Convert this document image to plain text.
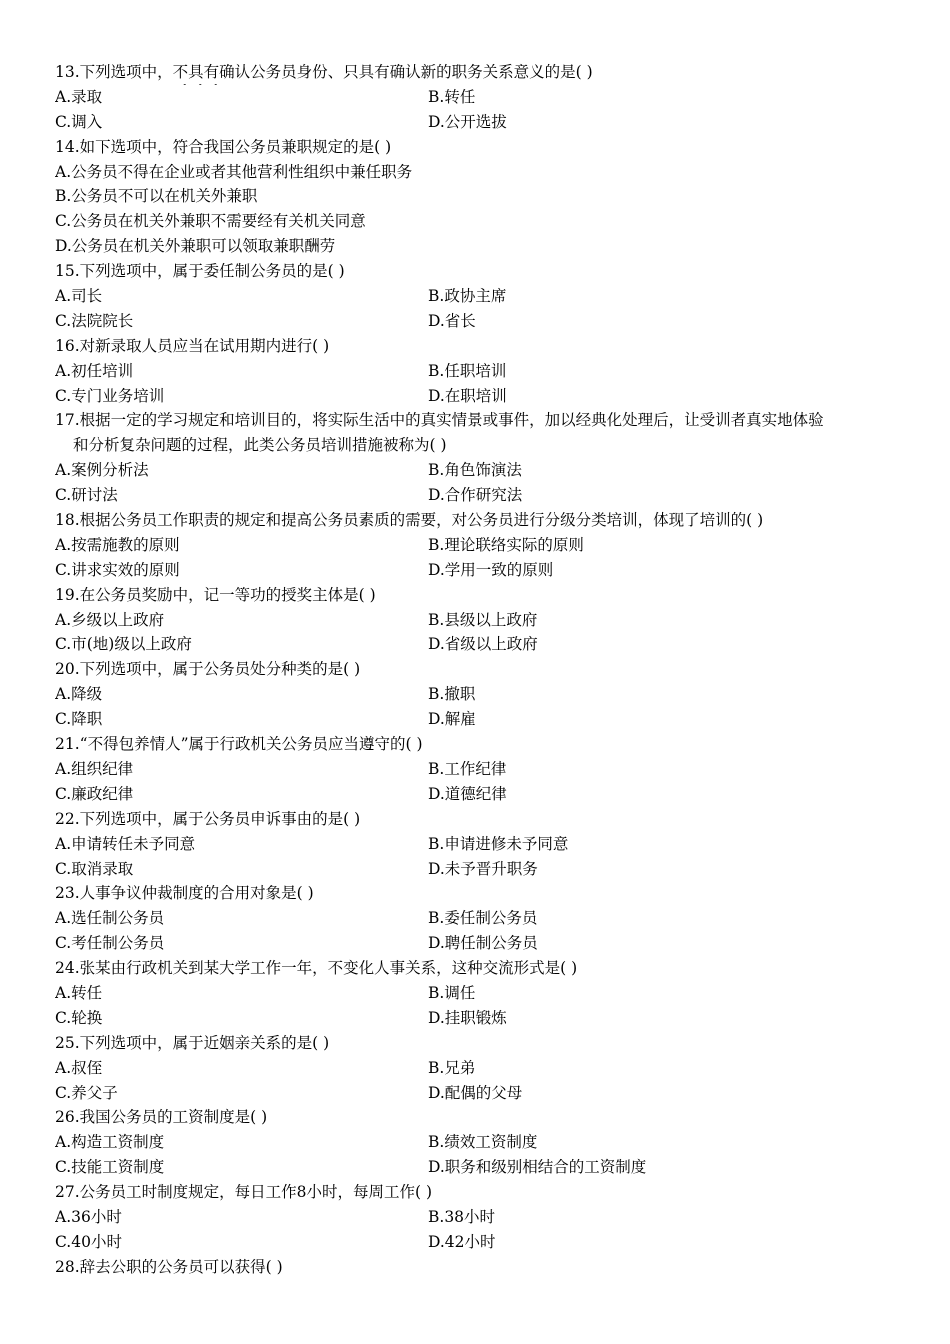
13.下列选项中，不具有确认公务员身份、只具有确认新的职务关系意义的是( )
A.录取	B.转任
C.调入	D.公开选拔
14.如下选项中，符合我国公务员兼职规定的是( )
A.公务员不得在企业或者其他营利性组织中兼任职务
B.公务员不可以在机关外兼职
C.公务员在机关外兼职不需要经有关机关同意
D.公务员在机关外兼职可以领取兼职酬劳
15.下列选项中，属于委任制公务员的是( )
A.司长	B.政协主席
C.法院院长	D.省长
16.对新录取人员应当在试用期内进行( )
A.初任培训	B.任职培训
C.专门业务培训	D.在职培训
17.根据一定的学习规定和培训目的，将实际生活中的真实情景或事件，加以经典化处理后，让受训者真实地体验
和分析复杂问题的过程，此类公务员培训措施被称为( )
A.案例分析法	B.角色饰演法
C.研讨法	D.合作研究法
18.根据公务员工作职责的规定和提高公务员素质的需要，对公务员进行分级分类培训，体现了培训的( )
A.按需施教的原则	B.理论联络实际的原则
C.讲求实效的原则	D.学用一致的原则
19.在公务员奖励中，记一等功的授奖主体是( )
A.乡级以上政府	B.县级以上政府
C.市(地)级以上政府	D.省级以上政府
20.下列选项中，属于公务员处分种类的是( )
A.降级	B.撤职
C.降职	D.解雇
21.“不得包养情人”属于行政机关公务员应当遵守的( )
A.组织纪律	B.工作纪律
C.廉政纪律	D.道德纪律
22.下列选项中，属于公务员申诉事由的是( )
A.申请转任未予同意	B.申请进修未予同意
C.取消录取	D.未予晋升职务
23.人事争议仲裁制度的合用对象是( )
A.选任制公务员	B.委任制公务员
C.考任制公务员	D.聘任制公务员
24.张某由行政机关到某大学工作一年，不变化人事关系，这种交流形式是( )
A.转任	B.调任
C.轮换	D.挂职锻炼
25.下列选项中，属于近姻亲关系的是( )
A.叔侄	B.兄弟
C.养父子	D.配偶的父母
26.我国公务员的工资制度是( )
A.构造工资制度	B.绩效工资制度
C.技能工资制度	D.职务和级别相结合的工资制度
27.公务员工时制度规定，每日工作8小时，每周工作( )
A.36小时	B.38小时
C.40小时	D.42小时
28.辞去公职的公务员可以获得( )
